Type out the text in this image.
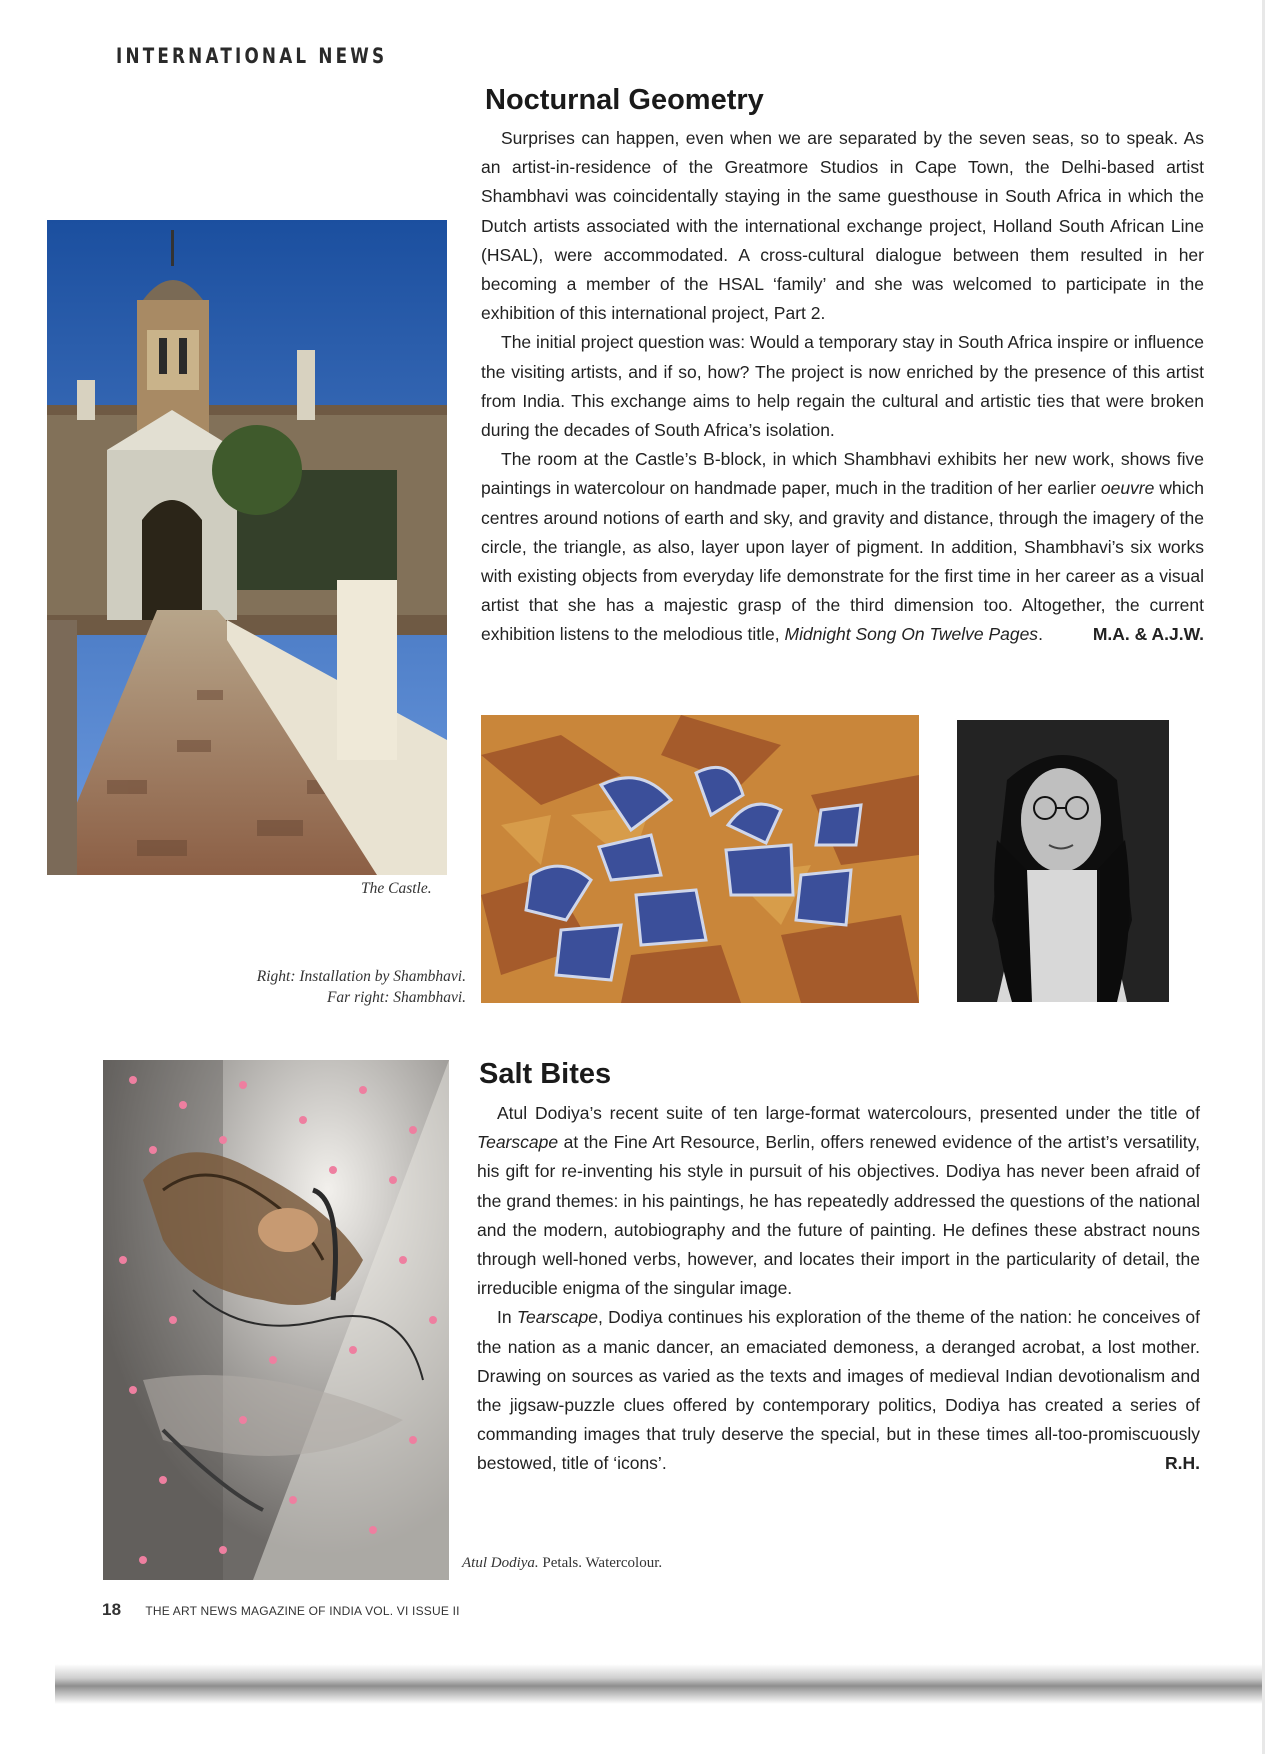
INTERNATIONAL NEWS
Nocturnal Geometry

Surprises can happen, even when we are separated by the seven seas, so to speak. As an artist-in-residence of the Greatmore Studios in Cape Town, the Delhi-based artist Shambhavi was coincidentally staying in the same guesthouse in South Africa in which the Dutch artists associated with the international exchange project, Holland South African Line (HSAL), were accommodated. A cross-cultural dialogue between them resulted in her becoming a member of the HSAL ‘family’ and she was welcomed to participate in the exhibition of this international project, Part 2.

The initial project question was: Would a temporary stay in South Africa inspire or influence the visiting artists, and if so, how? The project is now enriched by the presence of this artist from India. This exchange aims to help regain the cultural and artistic ties that were broken during the decades of South Africa’s isolation.

The room at the Castle’s B-block, in which Shambhavi exhibits her new work, shows five paintings in watercolour on handmade paper, much in the tradition of her earlier oeuvre which centres around notions of earth and sky, and gravity and distance, through the imagery of the circle, the triangle, as also, layer upon layer of pigment. In addition, Shambhavi’s six works with existing objects from everyday life demonstrate for the first time in her career as a visual artist that she has a majestic grasp of the third dimension too. Altogether, the current exhibition listens to the melodious title, Midnight Song On Twelve Pages.	M.A. & A.J.W.

The Castle.
Right: Installation by Shambhavi.
Far right: Shambhavi.
Salt Bites

Atul Dodiya’s recent suite of ten large-format watercolours, presented under the title of Tearscape at the Fine Art Resource, Berlin, offers renewed evidence of the artist’s versatility, his gift for re-inventing his style in pursuit of his objectives. Dodiya has never been afraid of the grand themes: in his paintings, he has repeatedly addressed the questions of the national and the modern, autobiography and the future of painting. He defines these abstract nouns through well-honed verbs, however, and locates their import in the particularity of detail, the irreducible enigma of the singular image.

In Tearscape, Dodiya continues his exploration of the theme of the nation: he conceives of the nation as a manic dancer, an emaciated demoness, a deranged acrobat, a lost mother. Drawing on sources as varied as the texts and images of medieval Indian devotionalism and the jigsaw-puzzle clues offered by contemporary politics, Dodiya has created a series of commanding images that truly deserve the special, but in these times all-too-promiscuously bestowed, title of ‘icons’.	R.H.

Atul Dodiya. Petals. Watercolour.
18 THE ART NEWS MAGAZINE OF INDIA VOL. VI ISSUE II
